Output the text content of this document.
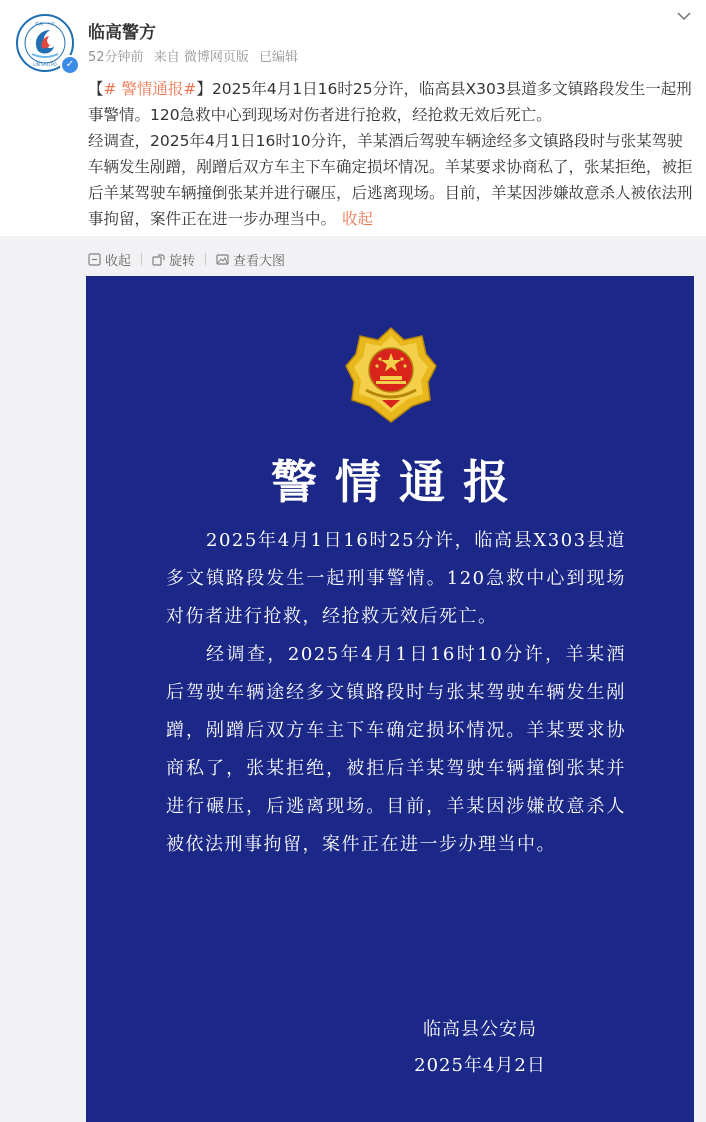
临高 · 公安
LIN GAO PO ✓
临高警方
52分钟前 来自 微博网页版 已编辑

【# 警情通报#】2025年4月1日16时25分许，临高县X303县道多文镇路段发生一起刑事警情。120急救中心到现场对伤者进行抢救，经抢救无效后死亡。

经调查，2025年4月1日16时10分许，羊某酒后驾驶车辆途经多文镇路段时与张某驾驶车辆发生剐蹭，剐蹭后双方车主下车确定损坏情况。羊某要求协商私了，张某拒绝，被拒后羊某驾驶车辆撞倒张某并进行碾压，后逃离现场。目前，羊某因涉嫌故意杀人被依法刑事拘留，案件正在进一步办理当中。 收起

收起	旋转	查看大图
警情通报

2025年4月1日16时25分许，临高县X303县道多文镇路段发生一起刑事警情。120急救中心到现场对伤者进行抢救，经抢救无效后死亡。

经调查，2025年4月1日16时10分许，羊某酒后驾驶车辆途经多文镇路段时与张某驾驶车辆发生剐蹭，剐蹭后双方车主下车确定损坏情况。羊某要求协商私了，张某拒绝，被拒后羊某驾驶车辆撞倒张某并进行碾压，后逃离现场。目前，羊某因涉嫌故意杀人被依法刑事拘留，案件正在进一步办理当中。

临高县公安局
2025年4月2日
